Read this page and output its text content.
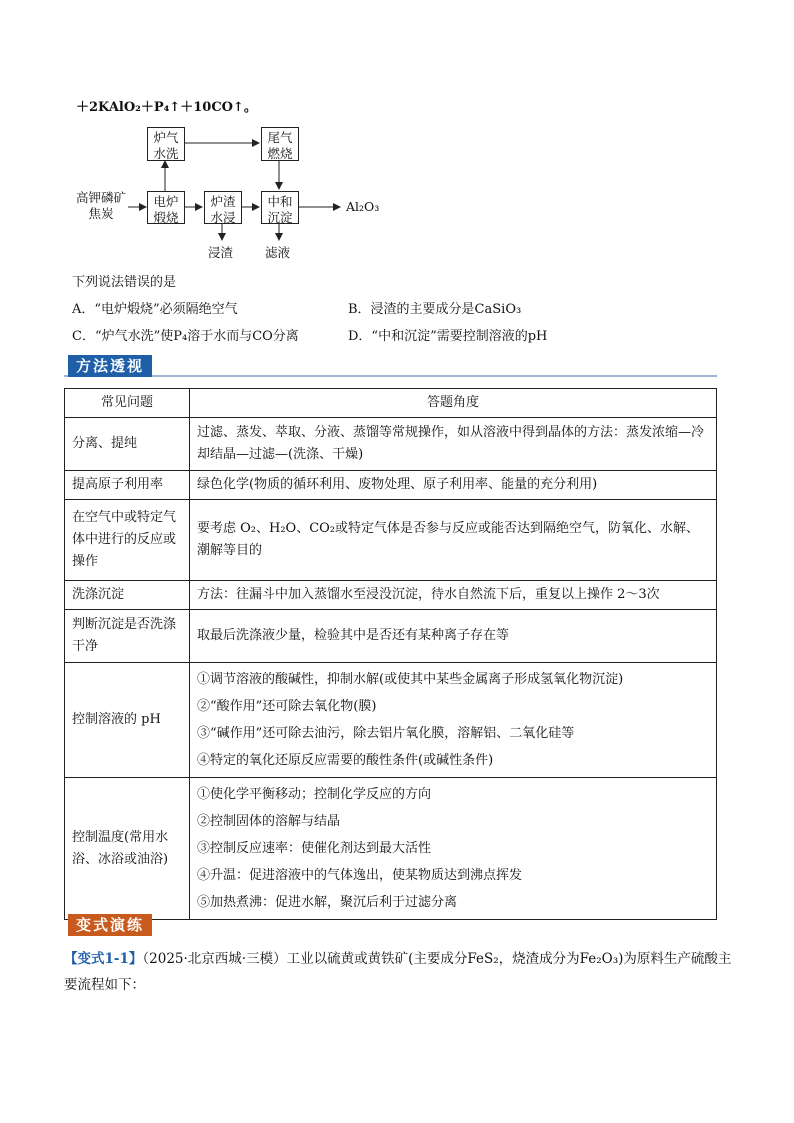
＋2KAlO₂＋P₄↑＋10CO↑。
高钾磷矿
焦炭
炉气
水洗
尾气
燃烧
电炉
煅烧
炉渣
水浸
中和
沉淀
Al₂O₃
浸渣	滤液
下列说法错误的是
A．“电炉煅烧”必须隔绝空气	B．浸渣的主要成分是CaSiO₃
C．“炉气水洗”使P₄溶于水而与CO分离	D．“中和沉淀”需要控制溶液的pH
方法透视
常见问题	答题角度
分离、提纯	过滤、蒸发、萃取、分液、蒸馏等常规操作，如从溶液中得到晶体的方法：蒸发浓缩—冷却结晶—过滤—(洗涤、干燥)
提高原子利用率	绿色化学(物质的循环利用、废物处理、原子利用率、能量的充分利用)
在空气中或特定气体中进行的反应或操作	要考虑 O₂、H₂O、CO₂或特定气体是否参与反应或能否达到隔绝空气，防氧化、水解、潮解等目的
洗涤沉淀	方法：往漏斗中加入蒸馏水至浸没沉淀，待水自然流下后，重复以上操作 2～3次
判断沉淀是否洗涤干净	取最后洗涤液少量，检验其中是否还有某种离子存在等
控制溶液的 pH	①调节溶液的酸碱性，抑制水解(或使其中某些金属离子形成氢氧化物沉淀)
②“酸作用”还可除去氧化物(膜)
③“碱作用”还可除去油污，除去铝片氧化膜，溶解铝、二氧化硅等
④特定的氧化还原反应需要的酸性条件(或碱性条件)

控制温度(常用水浴、冰浴或油浴)	①使化学平衡移动；控制化学反应的方向
②控制固体的溶解与结晶
③控制反应速率：使催化剂达到最大活性
④升温：促进溶液中的气体逸出，使某物质达到沸点挥发
⑤加热煮沸：促进水解，聚沉后利于过滤分离
变式演练
【变式1-1】（2025·北京西城·三模）工业以硫黄或黄铁矿(主要成分FeS₂，烧渣成分为Fe₂O₃)为原料生产硫酸主要流程如下：
